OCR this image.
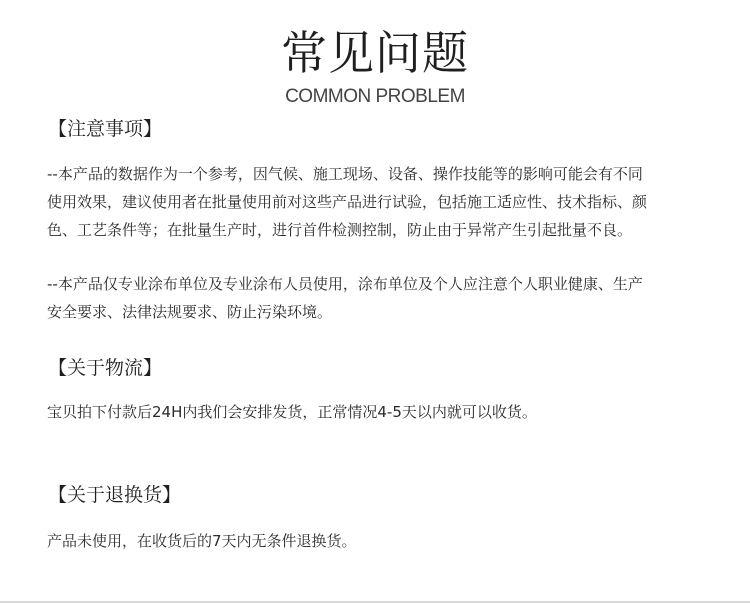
常见问题
COMMON PROBLEM
【注意事项】

--本产品的数据作为一个参考，因气候、施工现场、设备、操作技能等的影响可能会有不同
使用效果，建议使用者在批量使用前对这些产品进行试验，包括施工适应性、技术指标、颜
色、工艺条件等；在批量生产时，进行首件检测控制，防止由于异常产生引起批量不良。

--本产品仅专业涂布单位及专业涂布人员使用，涂布单位及个人应注意个人职业健康、生产
安全要求、法律法规要求、防止污染环境。

【关于物流】

宝贝拍下付款后24H内我们会安排发货，正常情况4-5天以内就可以收货。

【关于退换货】

产品未使用，在收货后的7天内无条件退换货。
